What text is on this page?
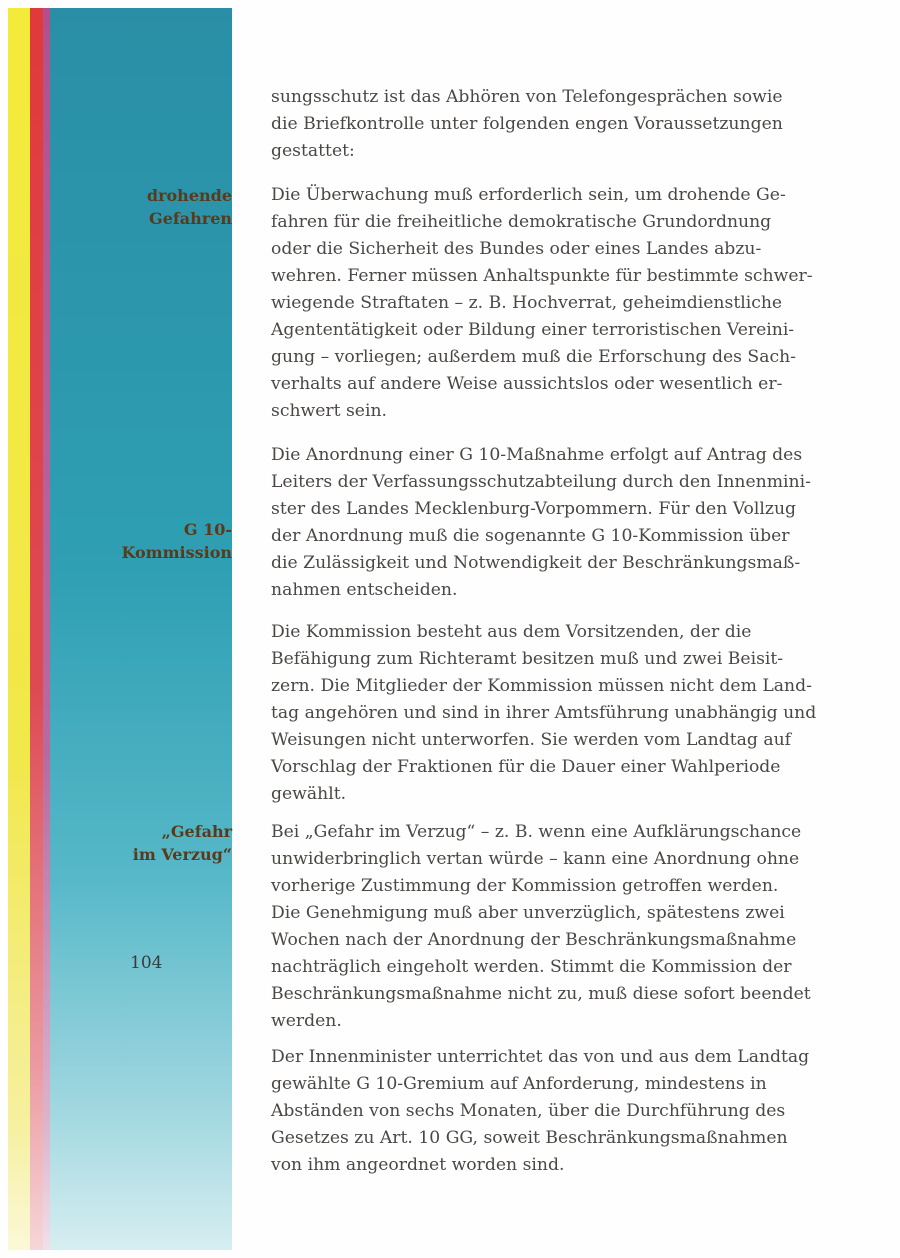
drohende
Gefahren
G 10-
Kommission
„Gefahr
im Verzug“
104
sungsschutz ist das Abhören von Telefongesprächen sowie
die Briefkontrolle unter folgenden engen Voraussetzungen
gestattet:
Die Überwachung muß erforderlich sein, um drohende Ge-
fahren für die freiheitliche demokratische Grundordnung
oder die Sicherheit des Bundes oder eines Landes abzu-
wehren. Ferner müssen Anhaltspunkte für bestimmte schwer-
wiegende Straftaten – z. B. Hochverrat, geheimdienstliche
Agententätigkeit oder Bildung einer terroristischen Vereini-
gung – vorliegen; außerdem muß die Erforschung des Sach-
verhalts auf andere Weise aussichtslos oder wesentlich er-
schwert sein.
Die Anordnung einer G 10-Maßnahme erfolgt auf Antrag des
Leiters der Verfassungsschutzabteilung durch den Innenmini-
ster des Landes Mecklenburg-Vorpommern. Für den Vollzug
der Anordnung muß die sogenannte G 10-Kommission über
die Zulässigkeit und Notwendigkeit der Beschränkungsmaß-
nahmen entscheiden.
Die Kommission besteht aus dem Vorsitzenden, der die
Befähigung zum Richteramt besitzen muß und zwei Beisit-
zern. Die Mitglieder der Kommission müssen nicht dem Land-
tag angehören und sind in ihrer Amtsführung unabhängig und
Weisungen nicht unterworfen. Sie werden vom Landtag auf
Vorschlag der Fraktionen für die Dauer einer Wahlperiode
gewählt.
Bei „Gefahr im Verzug“ – z. B. wenn eine Aufklärungschance
unwiderbringlich vertan würde – kann eine Anordnung ohne
vorherige Zustimmung der Kommission getroffen werden.
Die Genehmigung muß aber unverzüglich, spätestens zwei
Wochen nach der Anordnung der Beschränkungsmaßnahme
nachträglich eingeholt werden. Stimmt die Kommission der
Beschränkungsmaßnahme nicht zu, muß diese sofort beendet
werden.
Der Innenminister unterrichtet das von und aus dem Landtag
gewählte G 10-Gremium auf Anforderung, mindestens in
Abständen von sechs Monaten, über die Durchführung des
Gesetzes zu Art. 10 GG, soweit Beschränkungsmaßnahmen
von ihm angeordnet worden sind.
